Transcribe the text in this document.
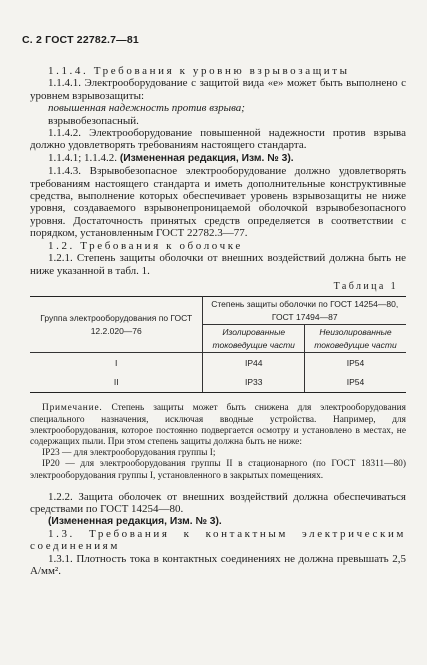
С. 2 ГОСТ 22782.7—81

1.1.4. Требования к уровню взрывозащиты

1.1.4.1. Электрооборудование с защитой вида «е» может быть выполнено с уровнем взрывозащиты:

повышенная надежность против взрыва;

взрывобезопасный.

1.1.4.2. Электрооборудование повышенной надежности против взрыва должно удовлетворять требованиям настоящего стандарта.

1.1.4.1; 1.1.4.2. (Измененная редакция, Изм. № 3).

1.1.4.3. Взрывобезопасное электрооборудование должно удовлетворять требованиям настоящего стандарта и иметь дополнительные конструктивные средства, выполнение которых обеспечивает уровень взрывозащиты не ниже уровня, создаваемого взрывонепроницаемой оболочкой взрывобезопасного уровня. Достаточность принятых средств определяется в соответствии с порядком, установленным ГОСТ 22782.3—77.

1.2. Требования к оболочке

1.2.1. Степень защиты оболочки от внешних воздействий должна быть не ниже указанной в табл. 1.

Таблица 1
Группа электрооборудования по ГОСТ 12.2.020—76	Степень защиты оболочки по ГОСТ 14254—80, ГОСТ 17494—87	
	Изолированные токоведущие части	Неизолированные токоведущие части
I	IP44	IP54
II	IP33	IP54

Примечание. Степень защиты может быть снижена для электрооборудования специального назначения, исключая вводные устройства. Например, для электрооборудования, которое постоянно подвергается осмотру и установлено в местах, не содержащих пыли. При этом степень защиты должна быть не ниже:

IP23 — для электрооборудования группы I;

IP20 — для электрооборудования группы II в стационарного (по ГОСТ 18311—80) электрооборудования группы I, установленного в закрытых помещениях.

1.2.2. Защита оболочек от внешних воздействий должна обеспечиваться средствами по ГОСТ 14254—80.

(Измененная редакция, Изм. № 3).

1.3. Требования к контактным электрическим соединениям

1.3.1. Плотность тока в контактных соединениях не должна превышать 2,5 А/мм².
